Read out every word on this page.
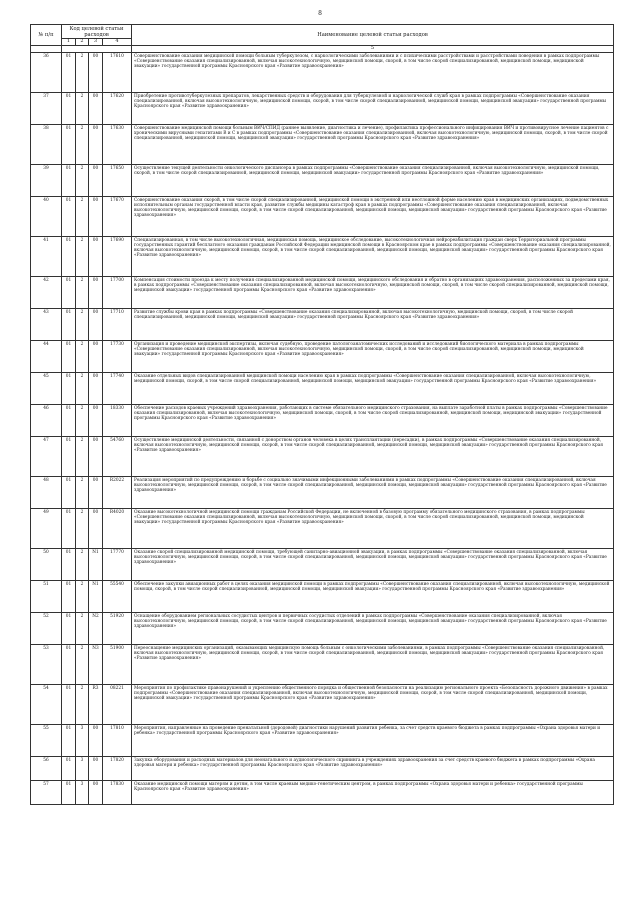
8
№ п/п	Код целевой статьи расходов				Наименование целевой статьи расходов
	1	2	3	4	
					5
36	01	2	00	17610	Совершенствование оказания медицинской помощи больным туберкулезом, с наркологическими заболеваниями и с психическими расстройствами и расстройствами поведения в рамках подпрограммы «Совершенствование оказания специализированной, включая высокотехнологичную, медицинской помощи, скорой, в том числе скорой специализированной, медицинской помощи, медицинской эвакуации» государственной программы Красноярского края «Развитие здравоохранения»
37	01	2	00	17620	Приобретение противотуберкулезных препаратов, лекарственных средств и оборудования для туберкулезной и наркологической служб края в рамках подпрограммы «Совершенствование оказания специализированной, включая высокотехнологичную, медицинской помощи, скорой, в том числе скорой специализированной, медицинской помощи, медицинской эвакуации» государственной программы Красноярского края «Развитие здравоохранения»
38	01	2	00	17630	Совершенствование медицинской помощи больным ВИЧ/СПИД (раннее выявление, диагностика и лечение), профилактика профессионального инфицирования ВИЧ и противовирусное лечение пациентов с хроническими вирусными гепатитами В и С в рамках подпрограммы «Совершенствование оказания специализированной, включая высокотехнологичную, медицинской помощи, скорой, в том числе скорой специализированной, медицинской помощи, медицинской эвакуации» государственной программы Красноярского края «Развитие здравоохранения»
39	01	2	00	17650	Осуществление текущей деятельности онкологического диспансера в рамках подпрограммы «Совершенствование оказания специализированной, включая высокотехнологичную, медицинской помощи, скорой, в том числе скорой специализированной, медицинской помощи, медицинской эвакуации» государственной программы Красноярского края «Развитие здравоохранения»
40	01	2	00	17670	Совершенствование оказания скорой, в том числе скорой специализированной, медицинской помощи в экстренной или неотложной форме населению края в медицинских организациях, подведомственных исполнительным органам государственной власти края, развитие службы медицины катастроф края в рамках подпрограммы «Совершенствование оказания специализированной, включая высокотехнологичную, медицинской помощи, скорой, в том числе скорой специализированной, медицинской помощи, медицинской эвакуации» государственной программы Красноярского края «Развитие здравоохранения»
41	01	2	00	17690	Специализированная, в том числе высокотехнологичная, медицинская помощь, медицинское обследование, высокотехнологичная нейрореабилитация граждан сверх Территориальной программы государственных гарантий бесплатного оказания гражданам Российской Федерации медицинской помощи в Красноярском крае в рамках подпрограммы «Совершенствование оказания специализированной, включая высокотехнологичную, медицинской помощи, скорой, в том числе скорой специализированной, медицинской помощи, медицинской эвакуации» государственной программы Красноярского края «Развитие здравоохранения»
42	01	2	00	17700	Компенсация стоимости проезда к месту получения специализированной медицинской помощи, медицинского обследования и обратно в организациях здравоохранения, расположенных за пределами края, в рамках подпрограммы «Совершенствование оказания специализированной, включая высокотехнологичную, медицинской помощи, скорой, в том числе скорой специализированной, медицинской помощи, медицинской эвакуации» государственной программы Красноярского края «Развитие здравоохранения»
43	01	2	00	17710	Развитие службы крови края в рамках подпрограммы «Совершенствование оказания специализированной, включая высокотехнологичную, медицинской помощи, скорой, в том числе скорой специализированной, медицинской помощи, медицинской эвакуации» государственной программы Красноярского края «Развитие здравоохранения»
44	01	2	00	17730	Организация и проведение медицинской экспертизы, включая судебную, проведение патологоанатомических исследований и исследований биологического материала в рамках подпрограммы «Совершенствование оказания специализированной, включая высокотехнологичную, медицинской помощи, скорой, в том числе скорой специализированной, медицинской помощи, медицинской эвакуации» государственной программы Красноярского края «Развитие здравоохранения»
45	01	2	00	17740	Оказание отдельных видов специализированной медицинской помощи населению края в рамках подпрограммы «Совершенствование оказания специализированной, включая высокотехнологичную, медицинской помощи, скорой, в том числе скорой специализированной, медицинской помощи, медицинской эвакуации» государственной программы Красноярского края «Развитие здравоохранения»
46	01	2	00	18330	Обеспечение расходов краевых учреждений здравоохранения, работающих в системе обязательного медицинского страхования, на выплате заработной платы в рамках подпрограммы «Совершенствование оказания специализированной, включая высокотехнологичную, медицинской помощи, скорой, в том числе скорой специализированной, медицинской помощи, медицинской эвакуации» государственной программы Красноярского края «Развитие здравоохранения»
47	01	2	00	54760	Осуществление медицинской деятельности, связанной с донорством органов человека в целях трансплантации (пересадки), в рамках подпрограммы «Совершенствование оказания специализированной, включая высокотехнологичную, медицинской помощи, скорой, в том числе скорой специализированной, медицинской помощи, медицинской эвакуации» государственной программы Красноярского края «Развитие здравоохранения»
48	01	2	00	R2022	Реализация мероприятий по предупреждению и борьбе с социально значимыми инфекционными заболеваниями в рамках подпрограммы «Совершенствование оказания специализированной, включая высокотехнологичную, медицинской помощи, скорой, в том числе скорой специализированной, медицинской помощи, медицинской эвакуации» государственной программы Красноярского края «Развитие здравоохранения»
49	01	2	00	R4020	Оказание высокотехнологичной медицинской помощи гражданам Российской Федерации, не включенной в базовую программу обязательного медицинского страхования, в рамках подпрограммы «Совершенствование оказания специализированной, включая высокотехнологичную, медицинской помощи, скорой, в том числе скорой специализированной, медицинской помощи, медицинской эвакуации» государственной программы Красноярского края «Развитие здравоохранения»
50	01	2	N1	17770	Оказание скорой специализированной медицинской помощи, требующей санитарно-авиационной эвакуации, в рамках подпрограммы «Совершенствование оказания специализированной, включая высокотехнологичную, медицинской помощи, скорой, в том числе скорой специализированной, медицинской помощи, медицинской эвакуации» государственной программы Красноярского края «Развитие здравоохранения»
51	01	2	N1	55540	Обеспечение закупки авиационных работ в целях оказания медицинской помощи в рамках подпрограммы «Совершенствование оказания специализированной, включая высокотехнологичную, медицинской помощи, скорой, в том числе скорой специализированной, медицинской помощи, медицинской эвакуации» государственной программы Красноярского края «Развитие здравоохранения»
52	01	2	N2	51920	Оснащение оборудованием региональных сосудистых центров и первичных сосудистых отделений в рамках подпрограммы «Совершенствование оказания специализированной, включая высокотехнологичную, медицинской помощи, скорой, в том числе скорой специализированной, медицинской помощи, медицинской эвакуации» государственной программы Красноярского края «Развитие здравоохранения»
53	01	2	N3	51900	Переоснащение медицинских организаций, оказывающих медицинскую помощь больным с онкологическими заболеваниями, в рамках подпрограммы «Совершенствование оказания специализированной, включая высокотехнологичную, медицинской помощи, скорой, в том числе скорой специализированной, медицинской помощи, медицинской эвакуации» государственной программы Красноярского края «Развитие здравоохранения»
54	01	2	R3	08221	Мероприятия по профилактике правонарушений и укреплению общественного порядка и общественной безопасности на реализацию регионального проекта «Безопасность дорожного движения» в рамках подпрограммы «Совершенствование оказания специализированной, включая высокотехнологичную, медицинской помощи, скорой, в том числе скорой специализированной, медицинской помощи, медицинской эвакуации» государственной программы Красноярского края «Развитие здравоохранения»
55	01	3	00	17810	Мероприятия, направленные на проведение пренатальной (дородовой) диагностики нарушений развития ребенка, за счет средств краевого бюджета в рамках подпрограммы «Охрана здоровья матери и ребенка» государственной программы Красноярского края «Развитие здравоохранения»
56	01	3	00	17820	Закупка оборудования и расходных материалов для неонатального и аудиологического скрининга в учреждениях здравоохранения за счет средств краевого бюджета в рамках подпрограммы «Охрана здоровья матери и ребенка» государственной программы Красноярского края «Развитие здравоохранения»
57	01	3	00	17830	Оказание медицинской помощи матерям и детям, в том числе краевым медико-генетическим центром, в рамках подпрограммы «Охрана здоровья матери и ребенка» государственной программы Красноярского края «Развитие здравоохранения»
